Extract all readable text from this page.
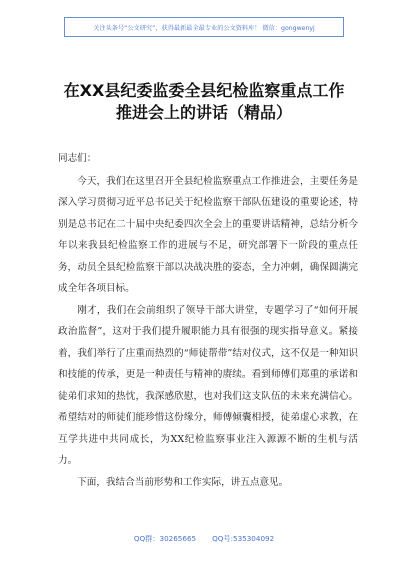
关注头条号“公文研究”，获得最新最全最专业的公文资料库！ 微信：gongwenyj
在XX县纪委监委全县纪检监察重点工作
推进会上的讲话（精品）

同志们：

今天，我们在这里召开全县纪检监察重点工作推进会，主要任务是深入学习贯彻习近平总书记关于纪检监察干部队伍建设的重要论述，特别是总书记在二十届中央纪委四次全会上的重要讲话精神，总结分析今年以来我县纪检监察工作的进展与不足，研究部署下一阶段的重点任务，动员全县纪检监察干部以决战决胜的姿态，全力冲刺，确保圆满完成全年各项目标。

刚才，我们在会前组织了领导干部大讲堂，专题学习了“如何开展政治监督”，这对于我们提升履职能力具有很强的现实指导意义。紧接着，我们举行了庄重而热烈的“师徒帮带”结对仪式，这不仅是一种知识和技能的传承，更是一种责任与精神的赓续。看到师傅们郑重的承诺和徒弟们求知的热忱，我深感欣慰，也对我们这支队伍的未来充满信心。希望结对的师徒们能珍惜这份缘分，师傅倾囊相授，徒弟虚心求教，在互学共进中共同成长，为XX纪检监察事业注入源源不断的生机与活力。

下面，我结合当前形势和工作实际，讲五点意见。

QQ群：30265665 QQ号:535304092
